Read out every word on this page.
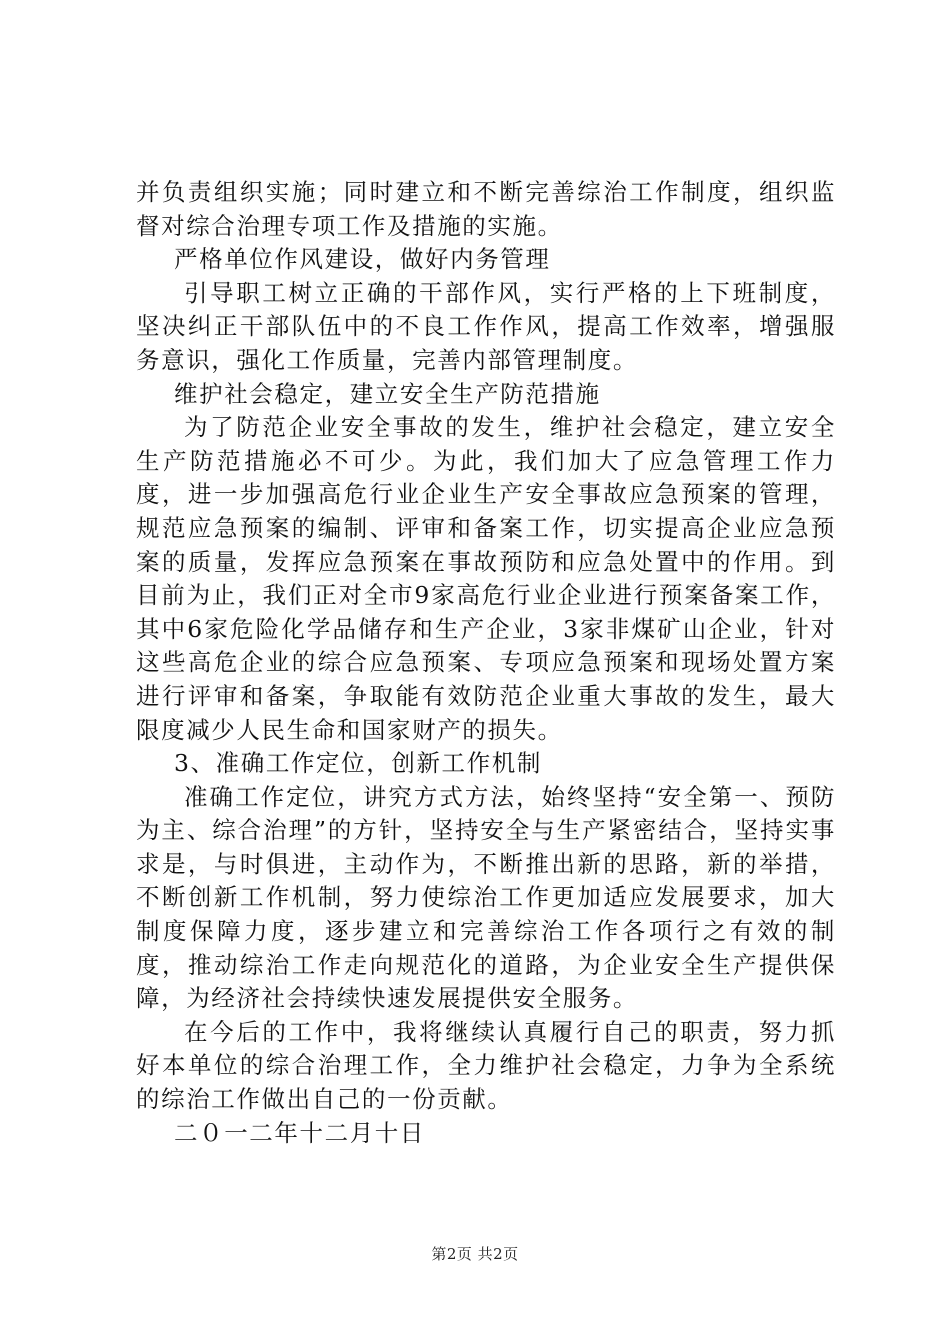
并负责组织实施；同时建立和不断完善综治工作制度，组织监督对综合治理专项工作及措施的实施。

严格单位作风建设，做好内务管理

引导职工树立正确的干部作风，实行严格的上下班制度，坚决纠正干部队伍中的不良工作作风，提高工作效率，增强服务意识，强化工作质量，完善内部管理制度。

维护社会稳定，建立安全生产防范措施

为了防范企业安全事故的发生，维护社会稳定，建立安全生产防范措施必不可少。为此，我们加大了应急管理工作力度，进一步加强高危行业企业生产安全事故应急预案的管理，规范应急预案的编制、评审和备案工作，切实提高企业应急预案的质量，发挥应急预案在事故预防和应急处置中的作用。到目前为止，我们正对全市9家高危行业企业进行预案备案工作，其中6家危险化学品储存和生产企业，3家非煤矿山企业，针对这些高危企业的综合应急预案、专项应急预案和现场处置方案进行评审和备案，争取能有效防范企业重大事故的发生，最大限度减少人民生命和国家财产的损失。

3、准确工作定位，创新工作机制

准确工作定位，讲究方式方法，始终坚持“安全第一、预防为主、综合治理”的方针，坚持安全与生产紧密结合，坚持实事求是，与时俱进，主动作为，不断推出新的思路，新的举措，不断创新工作机制，努力使综治工作更加适应发展要求，加大制度保障力度，逐步建立和完善综治工作各项行之有效的制度，推动综治工作走向规范化的道路，为企业安全生产提供保障，为经济社会持续快速发展提供安全服务。

在今后的工作中，我将继续认真履行自己的职责，努力抓好本单位的综合治理工作，全力维护社会稳定，力争为全系统的综治工作做出自己的一份贡献。

二０一二年十二月十日

第2页 共2页
